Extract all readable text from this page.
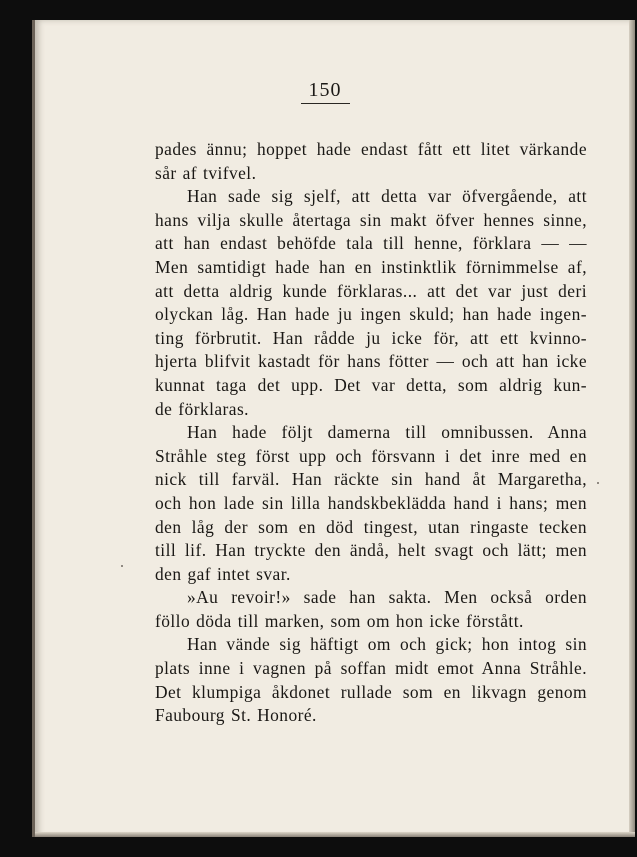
150
pades ännu; hoppet hade endast fått ett litet värkande
sår af tvifvel.
Han sade sig sjelf, att detta var öfvergående, att
hans vilja skulle återtaga sin makt öfver hennes sinne,
att han endast behöfde tala till henne, förklara — —
Men samtidigt hade han en instinktlik förnimmelse af,
att detta aldrig kunde förklaras... att det var just deri
olyckan låg. Han hade ju ingen skuld; han hade ingen-
ting förbrutit. Han rådde ju icke för, att ett kvinno-
hjerta blifvit kastadt för hans fötter — och att han icke
kunnat taga det upp. Det var detta, som aldrig kun-
de förklaras.
Han hade följt damerna till omnibussen. Anna
Stråhle steg först upp och försvann i det inre med en
nick till farväl. Han räckte sin hand åt Margaretha,
och hon lade sin lilla handskbeklädda hand i hans; men
den låg der som en död tingest, utan ringaste tecken
till lif. Han tryckte den ändå, helt svagt och lätt; men
den gaf intet svar.
»Au revoir!» sade han sakta. Men också orden
föllo döda till marken, som om hon icke förstått.
Han vände sig häftigt om och gick; hon intog sin
plats inne i vagnen på soffan midt emot Anna Stråhle.
Det klumpiga åkdonet rullade som en likvagn genom
Faubourg St. Honoré.
